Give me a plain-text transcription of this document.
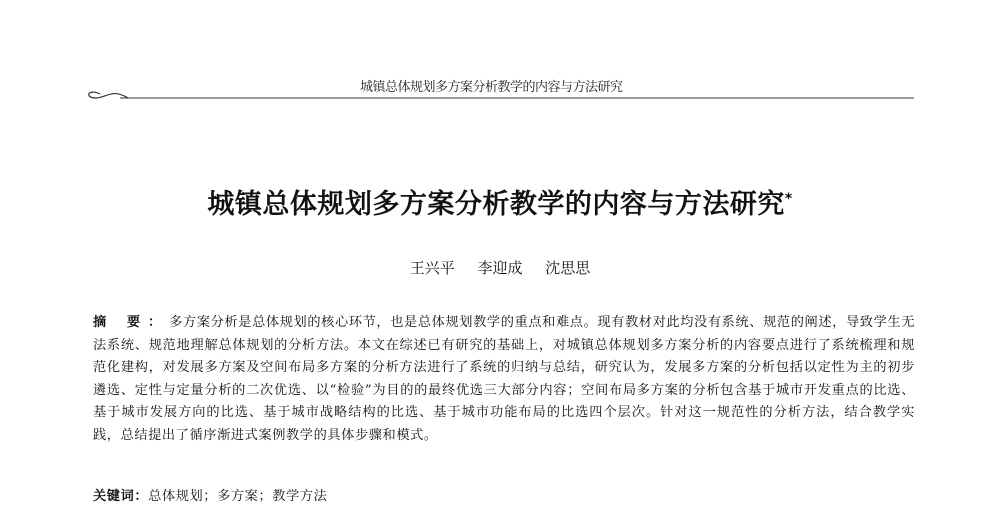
城镇总体规划多方案分析教学的内容与方法研究
城镇总体规划多方案分析教学的内容与方法研究*
王兴平 李迎成 沈思思
摘 要：多方案分析是总体规划的核心环节，也是总体规划教学的重点和难点。现有教材对此均没有系统、规范的阐述，导致学生无法系统、规范地理解总体规划的分析方法。本文在综述已有研究的基础上，对城镇总体规划多方案分析的内容要点进行了系统梳理和规范化建构，对发展多方案及空间布局多方案的分析方法进行了系统的归纳与总结，研究认为，发展多方案的分析包括以定性为主的初步遴选、定性与定量分析的二次优选、以“检验”为目的的最终优选三大部分内容；空间布局多方案的分析包含基于城市开发重点的比选、基于城市发展方向的比选、基于城市战略结构的比选、基于城市功能布局的比选四个层次。针对这一规范性的分析方法，结合教学实践，总结提出了循序渐进式案例教学的具体步骤和模式。
关键词：总体规划；多方案；教学方法
